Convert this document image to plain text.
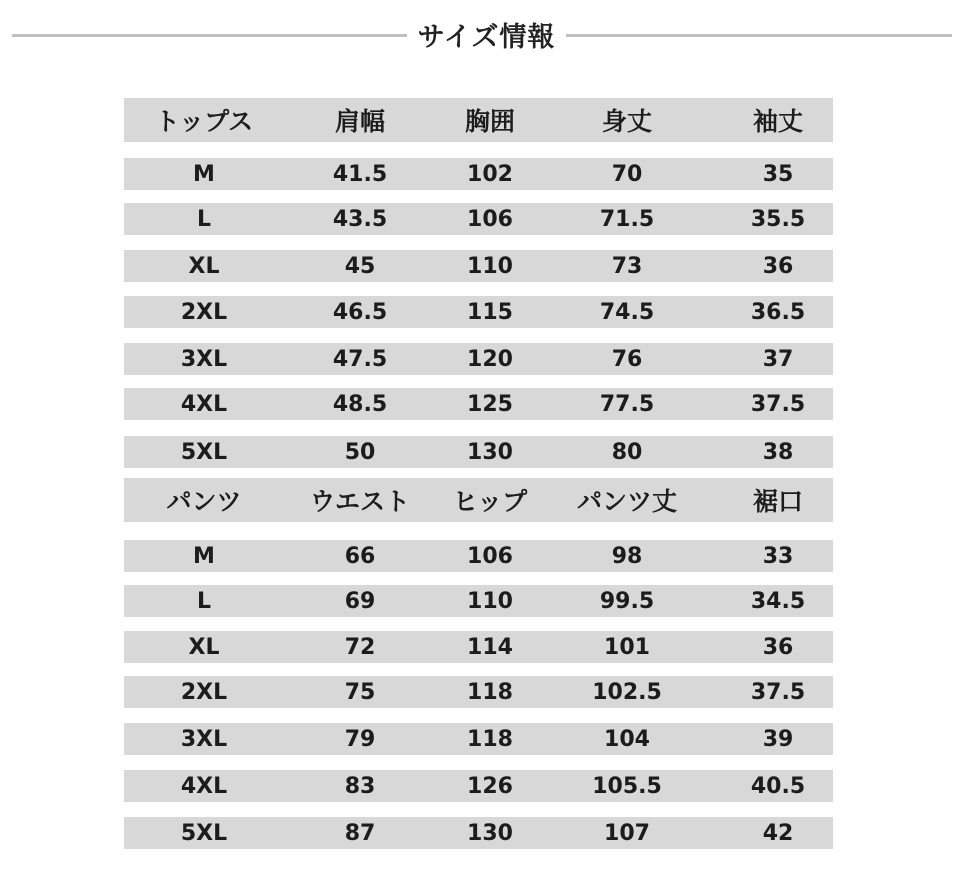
サイズ情報
トップス	肩幅	胸囲	身丈	袖丈
M	41.5	102	70	35
L	43.5	106	71.5	35.5
XL	45	110	73	36
2XL	46.5	115	74.5	36.5
3XL	47.5	120	76	37
4XL	48.5	125	77.5	37.5
5XL	50	130	80	38
パンツ	ウエスト	ヒップ	パンツ丈	裾口
M	66	106	98	33
L	69	110	99.5	34.5
XL	72	114	101	36
2XL	75	118	102.5	37.5
3XL	79	118	104	39
4XL	83	126	105.5	40.5
5XL	87	130	107	42
